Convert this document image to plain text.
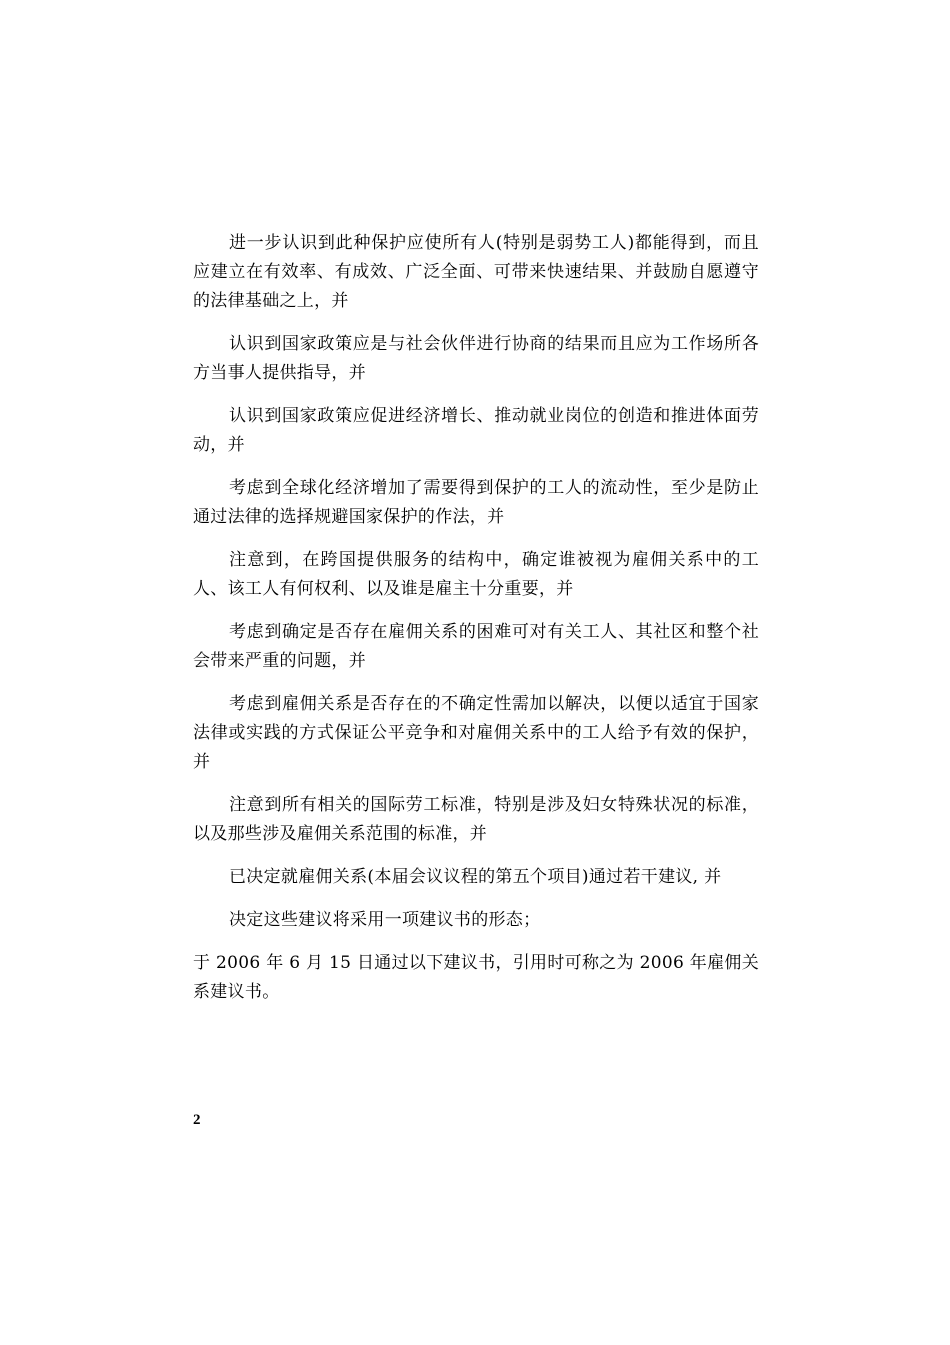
进一步认识到此种保护应使所有人(特别是弱势工人)都能得到，而且应建立在有效率、有成效、广泛全面、可带来快速结果、并鼓励自愿遵守的法律基础之上，并

认识到国家政策应是与社会伙伴进行协商的结果而且应为工作场所各方当事人提供指导，并

认识到国家政策应促进经济增长、推动就业岗位的创造和推进体面劳动，并

考虑到全球化经济增加了需要得到保护的工人的流动性，至少是防止通过法律的选择规避国家保护的作法，并

注意到，在跨国提供服务的结构中，确定谁被视为雇佣关系中的工人、该工人有何权利、以及谁是雇主十分重要，并

考虑到确定是否存在雇佣关系的困难可对有关工人、其社区和整个社会带来严重的问题，并

考虑到雇佣关系是否存在的不确定性需加以解决，以便以适宜于国家法律或实践的方式保证公平竞争和对雇佣关系中的工人给予有效的保护，并

注意到所有相关的国际劳工标准，特别是涉及妇女特殊状况的标准，以及那些涉及雇佣关系范围的标准，并

已决定就雇佣关系(本届会议议程的第五个项目)通过若干建议, 并

决定这些建议将采用一项建议书的形态；

于 2006 年 6 月 15 日通过以下建议书，引用时可称之为 2006 年雇佣关系建议书。

2
